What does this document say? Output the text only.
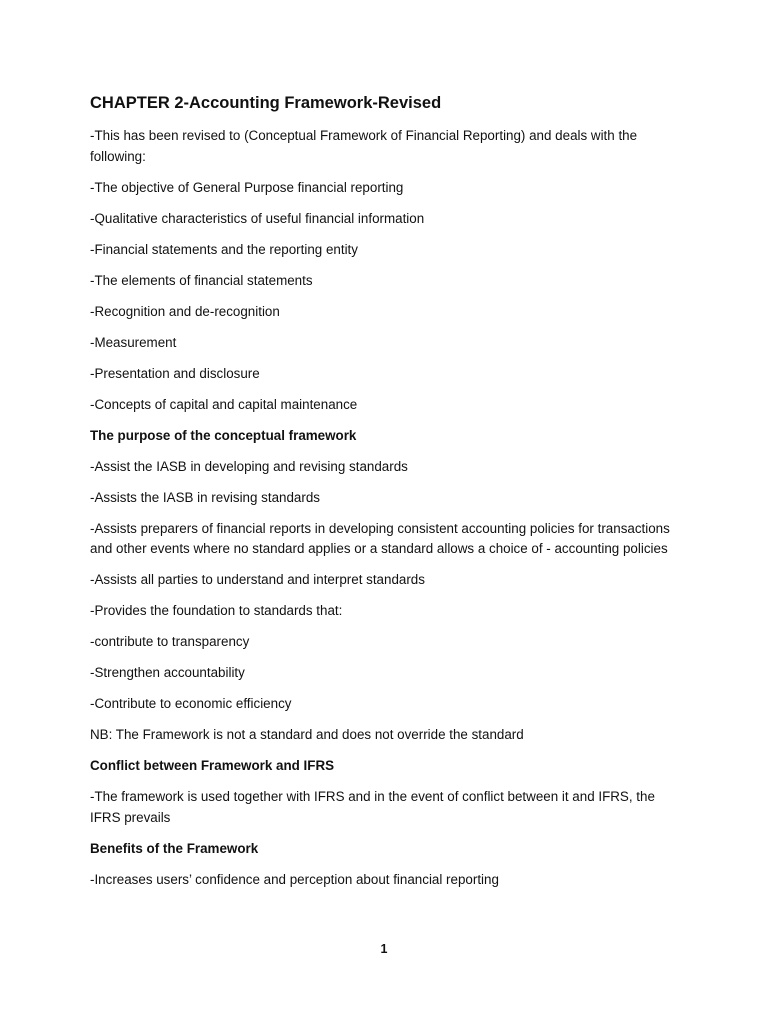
CHAPTER 2-Accounting Framework-Revised

-This has been revised to (Conceptual Framework of Financial Reporting) and deals with the following:

-The objective of General Purpose financial reporting

-Qualitative characteristics of useful financial information

-Financial statements and the reporting entity

-The elements of financial statements

-Recognition and de-recognition

-Measurement

-Presentation and disclosure

-Concepts of capital and capital maintenance

The purpose of the conceptual framework

-Assist the IASB in developing and revising standards

-Assists the IASB in revising standards

-Assists preparers of financial reports in developing consistent accounting policies for transactions and other events where no standard applies or a standard allows a choice of - accounting policies

-Assists all parties to understand and interpret standards

-Provides the foundation to standards that:

-contribute to transparency

-Strengthen accountability

-Contribute to economic efficiency

NB: The Framework is not a standard and does not override the standard

Conflict between Framework and IFRS

-The framework is used together with IFRS and in the event of conflict between it and IFRS, the IFRS prevails

Benefits of the Framework

-Increases users’ confidence and perception about financial reporting

1
